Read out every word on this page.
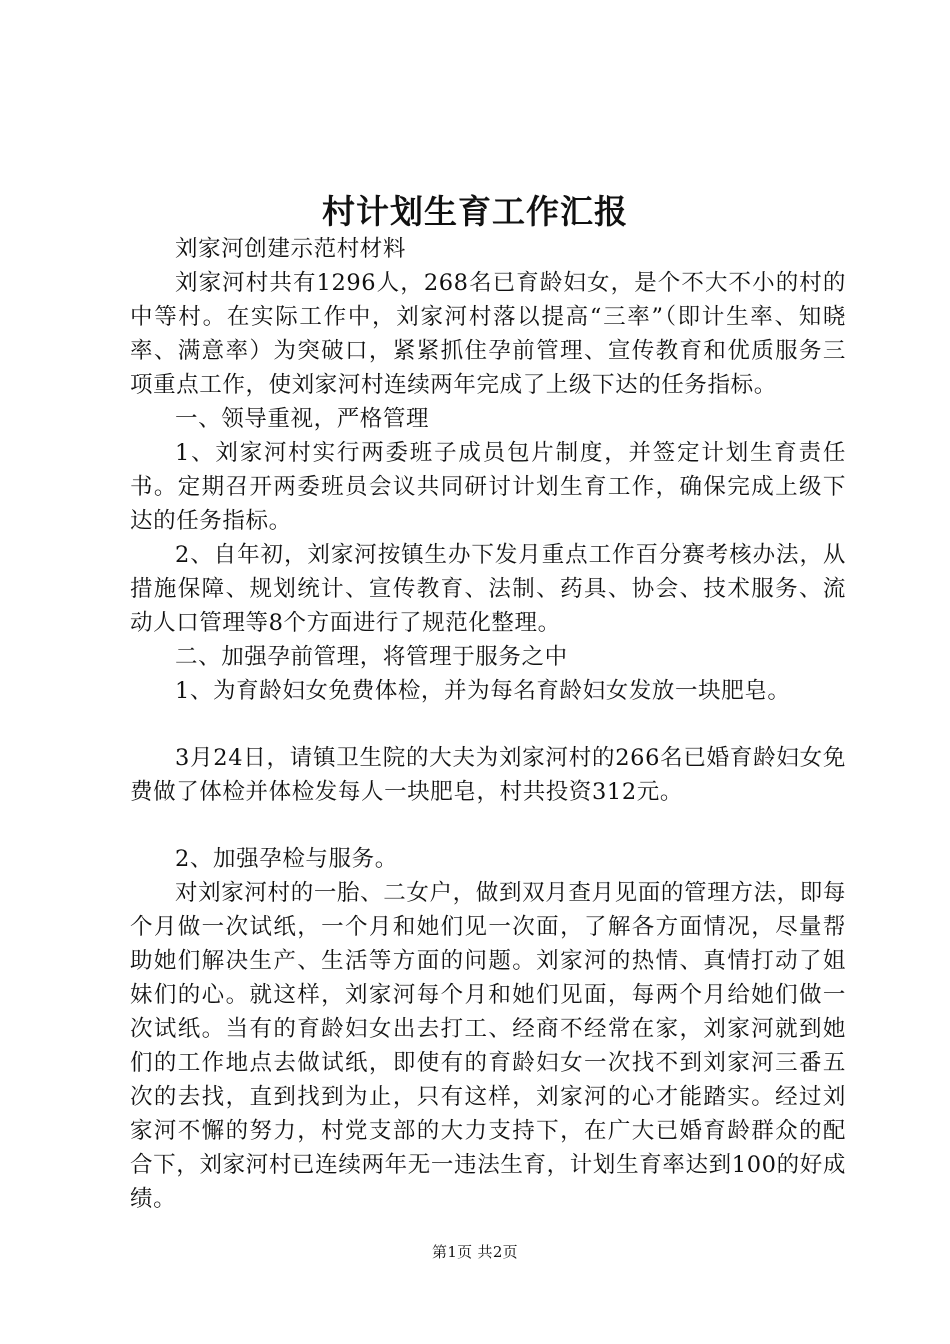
村计划生育工作汇报

刘家河创建示范村材料

刘家河村共有1296人，268名已育龄妇女，是个不大不小的村的中等村。在实际工作中，刘家河村落以提高“三率”（即计生率、知晓率、满意率）为突破口，紧紧抓住孕前管理、宣传教育和优质服务三项重点工作，使刘家河村连续两年完成了上级下达的任务指标。

一、领导重视，严格管理

1、刘家河村实行两委班子成员包片制度，并签定计划生育责任书。定期召开两委班员会议共同研讨计划生育工作，确保完成上级下达的任务指标。

2、自年初，刘家河按镇生办下发月重点工作百分赛考核办法，从措施保障、规划统计、宣传教育、法制、药具、协会、技术服务、流动人口管理等8个方面进行了规范化整理。

二、加强孕前管理，将管理于服务之中

1、为育龄妇女免费体检，并为每名育龄妇女发放一块肥皂。

3月24日，请镇卫生院的大夫为刘家河村的266名已婚育龄妇女免费做了体检并体检发每人一块肥皂，村共投资312元。

2、加强孕检与服务。

对刘家河村的一胎、二女户，做到双月查月见面的管理方法，即每个月做一次试纸，一个月和她们见一次面，了解各方面情况，尽量帮助她们解决生产、生活等方面的问题。刘家河的热情、真情打动了姐妹们的心。就这样，刘家河每个月和她们见面，每两个月给她们做一次试纸。当有的育龄妇女出去打工、经商不经常在家，刘家河就到她们的工作地点去做试纸，即使有的育龄妇女一次找不到刘家河三番五次的去找，直到找到为止，只有这样，刘家河的心才能踏实。经过刘家河不懈的努力，村党支部的大力支持下，在广大已婚育龄群众的配合下，刘家河村已连续两年无一违法生育，计划生育率达到100的好成绩。

第1页 共2页
